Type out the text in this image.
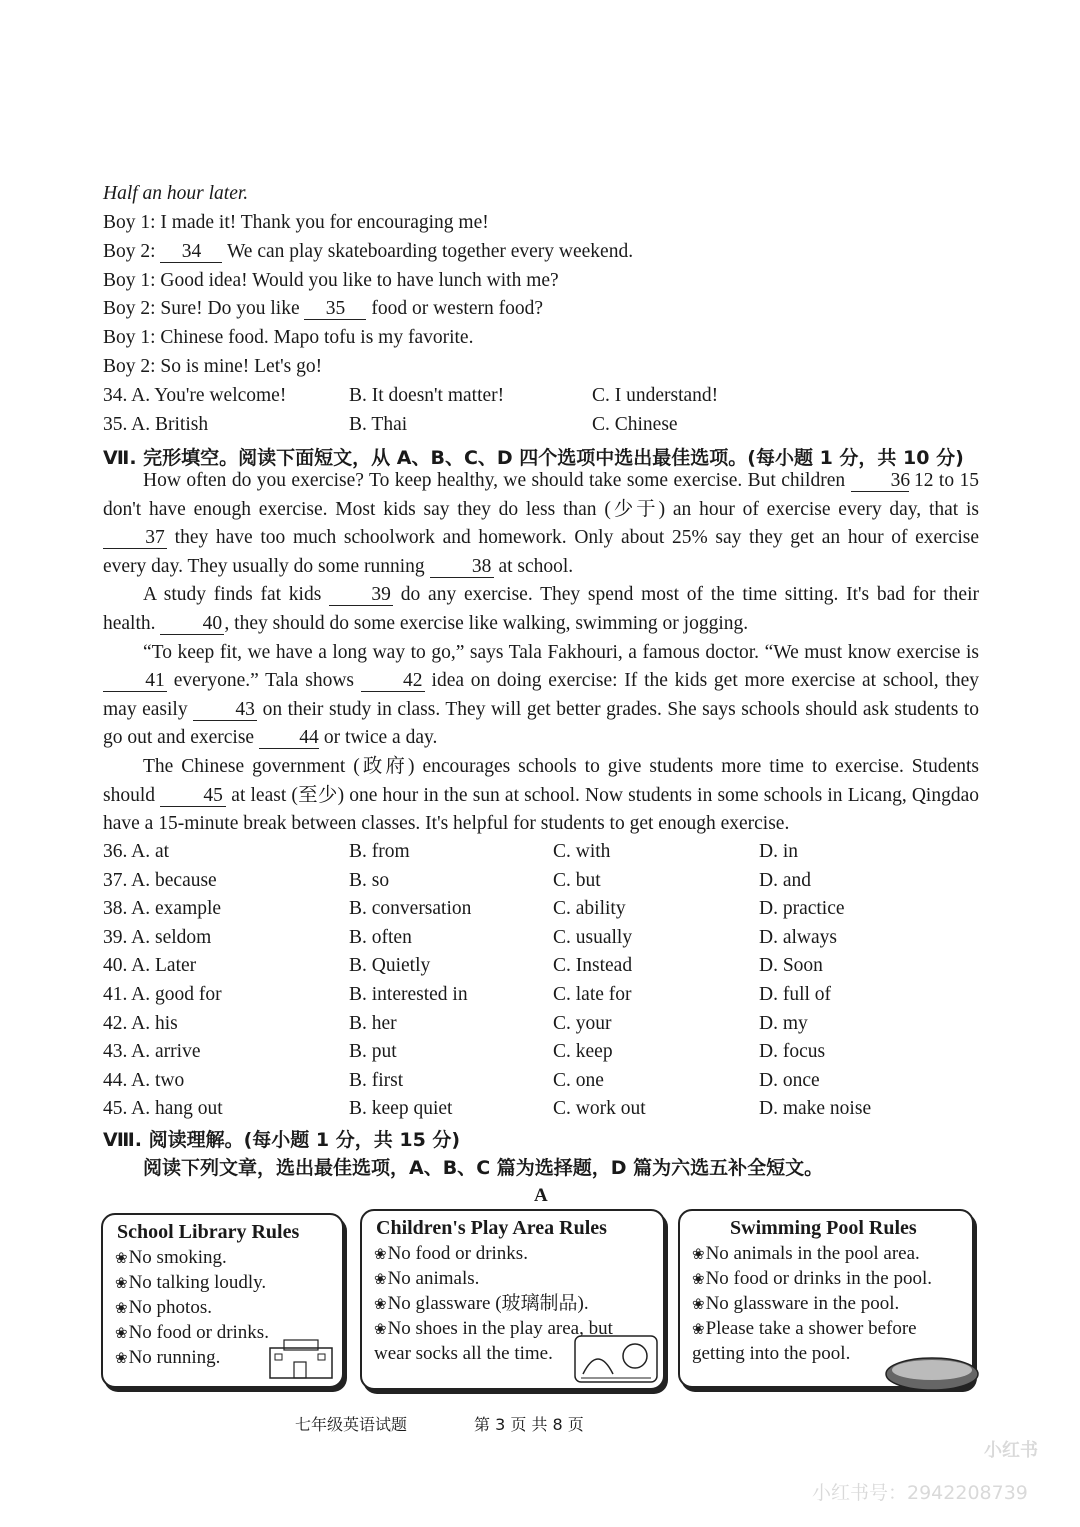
Half an hour later.
Boy 1: I made it! Thank you for encouraging me!
Boy 2: 34 We can play skateboarding together every weekend.
Boy 1: Good idea! Would you like to have lunch with me?
Boy 2: Sure! Do you like 35 food or western food?
Boy 1: Chinese food. Mapo tofu is my favorite.
Boy 2: So is mine! Let's go!
34. A. You're welcome!	B. It doesn't matter!	C. I understand!
35. A. British	B. Thai	C. Chinese
Ⅶ. 完形填空。阅读下面短文，从 A、B、C、D 四个选项中选出最佳选项。(每小题 1 分，共 10 分)

How often do you exercise? To keep healthy, we should take some exercise. But children 36 12 to 15 don't have enough exercise. Most kids say they do less than (少于) an hour of exercise every day, that is 37 they have too much schoolwork and homework. Only about 25% say they get an hour of exercise every day. They usually do some running 38 at school.

A study finds fat kids 39 do any exercise. They spend most of the time sitting. It's bad for their health. 40 , they should do some exercise like walking, swimming or jogging.

“To keep fit, we have a long way to go,” says Tala Fakhouri, a famous doctor. “We must know exercise is 41 everyone.” Tala shows 42 idea on doing exercise: If the kids get more exercise at school, they may easily 43 on their study in class. They will get better grades. She says schools should ask students to go out and exercise 44 or twice a day.

The Chinese government (政府) encourages schools to give students more time to exercise. Students should 45 at least (至少) one hour in the sun at school. Now students in some schools in Licang, Qingdao have a 15-minute break between classes. It's helpful for students to get enough exercise.

36. A. at	B. from	C. with	D. in
37. A. because	B. so	C. but	D. and
38. A. example	B. conversation	C. ability	D. practice
39. A. seldom	B. often	C. usually	D. always
40. A. Later	B. Quietly	C. Instead	D. Soon
41. A. good for	B. interested in	C. late for	D. full of
42. A. his	B. her	C. your	D. my
43. A. arrive	B. put	C. keep	D. focus
44. A. two	B. first	C. one	D. once
45. A. hang out	B. keep quiet	C. work out	D. make noise
Ⅷ. 阅读理解。(每小题 1 分，共 15 分)
阅读下列文章，选出最佳选项，A、B、C 篇为选择题，D 篇为六选五补全短文。
A
School Library Rules
❀No smoking.
❀No talking loudly.
❀No photos.
❀No food or drinks.
❀No running.
Children's Play Area Rules
❀No food or drinks.
❀No animals.
❀No glassware (玻璃制品).
❀No shoes in the play area, but wear socks all the time.
Swimming Pool Rules
❀No animals in the pool area.
❀No food or drinks in the pool.
❀No glassware in the pool.
❀Please take a shower before getting into the pool.
七年级英语试题	第 3 页 共 8 页
小红书
小红书号：2942208739
